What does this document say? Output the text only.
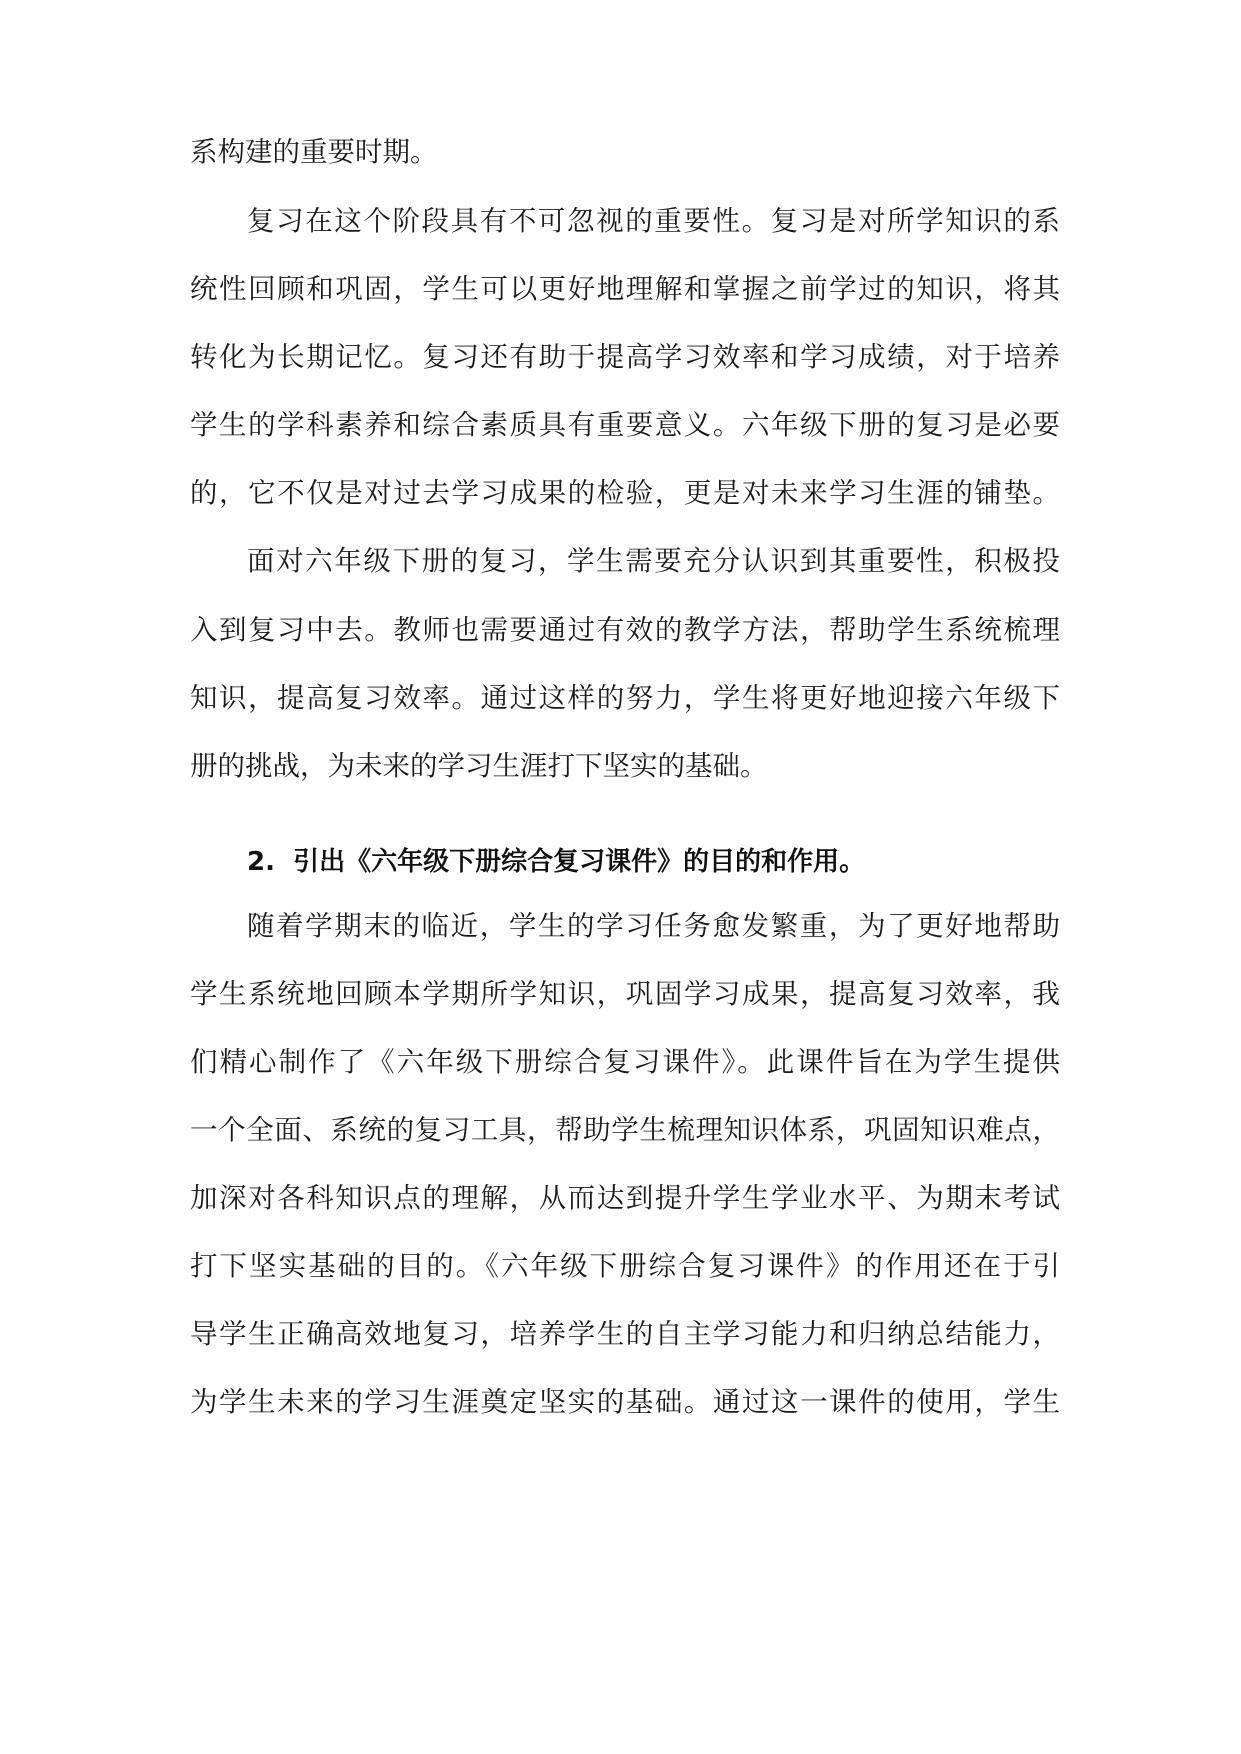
系构建的重要时期。

复习在这个阶段具有不可忽视的重要性。复习是对所学知识的系

统性回顾和巩固，学生可以更好地理解和掌握之前学过的知识，将其

转化为长期记忆。复习还有助于提高学习效率和学习成绩，对于培养

学生的学科素养和综合素质具有重要意义。六年级下册的复习是必要

的，它不仅是对过去学习成果的检验，更是对未来学习生涯的铺垫。

面对六年级下册的复习，学生需要充分认识到其重要性，积极投

入到复习中去。教师也需要通过有效的教学方法，帮助学生系统梳理

知识，提高复习效率。通过这样的努力，学生将更好地迎接六年级下

册的挑战，为未来的学习生涯打下坚实的基础。

2. 引出《六年级下册综合复习课件》的目的和作用。

随着学期末的临近，学生的学习任务愈发繁重，为了更好地帮助

学生系统地回顾本学期所学知识，巩固学习成果，提高复习效率，我

们精心制作了《六年级下册综合复习课件》。此课件旨在为学生提供

一个全面、系统的复习工具，帮助学生梳理知识体系，巩固知识难点，

加深对各科知识点的理解，从而达到提升学生学业水平、为期末考试

打下坚实基础的目的。《六年级下册综合复习课件》的作用还在于引

导学生正确高效地复习，培养学生的自主学习能力和归纳总结能力，

为学生未来的学习生涯奠定坚实的基础。通过这一课件的使用，学生
